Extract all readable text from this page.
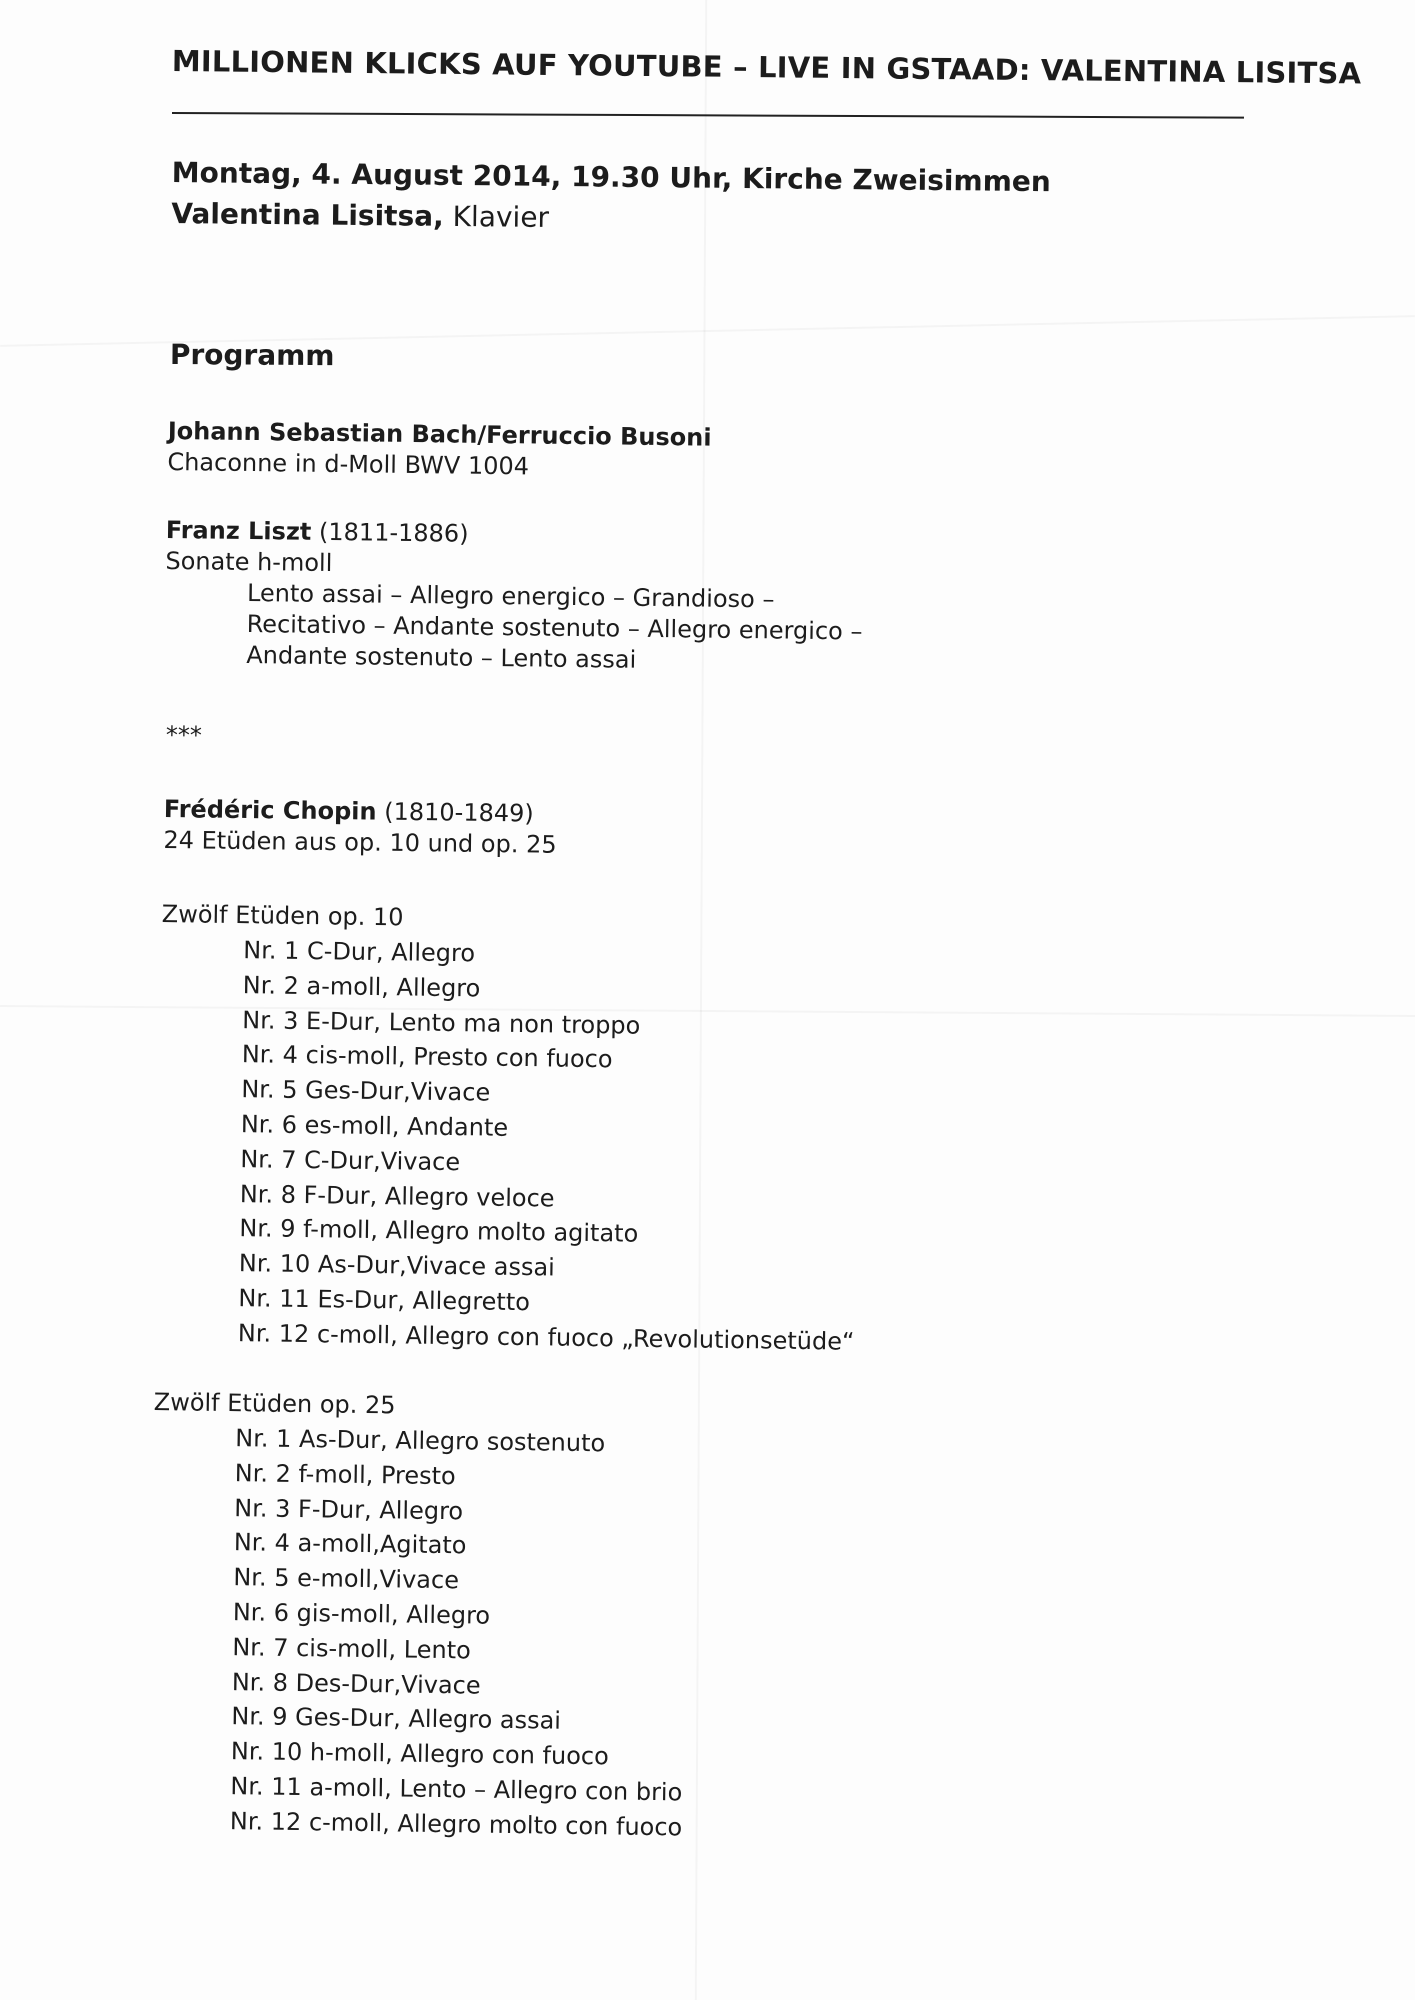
MILLIONEN KLICKS AUF YOUTUBE – LIVE IN GSTAAD: VALENTINA LISITSA
Montag, 4. August 2014, 19.30 Uhr, Kirche Zweisimmen
Valentina Lisitsa, Klavier
Programm
Johann Sebastian Bach/Ferruccio Busoni
Chaconne in d-Moll BWV 1004
Franz Liszt (1811-1886)
Sonate h-moll
Lento assai – Allegro energico – Grandioso –
Recitativo – Andante sostenuto – Allegro energico –
Andante sostenuto – Lento assai
***
Frédéric Chopin (1810-1849)
24 Etüden aus op. 10 und op. 25
Zwölf Etüden op. 10
Nr. 1 C-Dur, Allegro
Nr. 2 a-moll, Allegro
Nr. 3 E-Dur, Lento ma non troppo
Nr. 4 cis-moll, Presto con fuoco
Nr. 5 Ges-Dur,Vivace
Nr. 6 es-moll, Andante
Nr. 7 C-Dur,Vivace
Nr. 8 F-Dur, Allegro veloce
Nr. 9 f-moll, Allegro molto agitato
Nr. 10 As-Dur,Vivace assai
Nr. 11 Es-Dur, Allegretto
Nr. 12 c-moll, Allegro con fuoco „Revolutionsetüde“
Zwölf Etüden op. 25
Nr. 1 As-Dur, Allegro sostenuto
Nr. 2 f-moll, Presto
Nr. 3 F-Dur, Allegro
Nr. 4 a-moll,Agitato
Nr. 5 e-moll,Vivace
Nr. 6 gis-moll, Allegro
Nr. 7 cis-moll, Lento
Nr. 8 Des-Dur,Vivace
Nr. 9 Ges-Dur, Allegro assai
Nr. 10 h-moll, Allegro con fuoco
Nr. 11 a-moll, Lento – Allegro con brio
Nr. 12 c-moll, Allegro molto con fuoco
